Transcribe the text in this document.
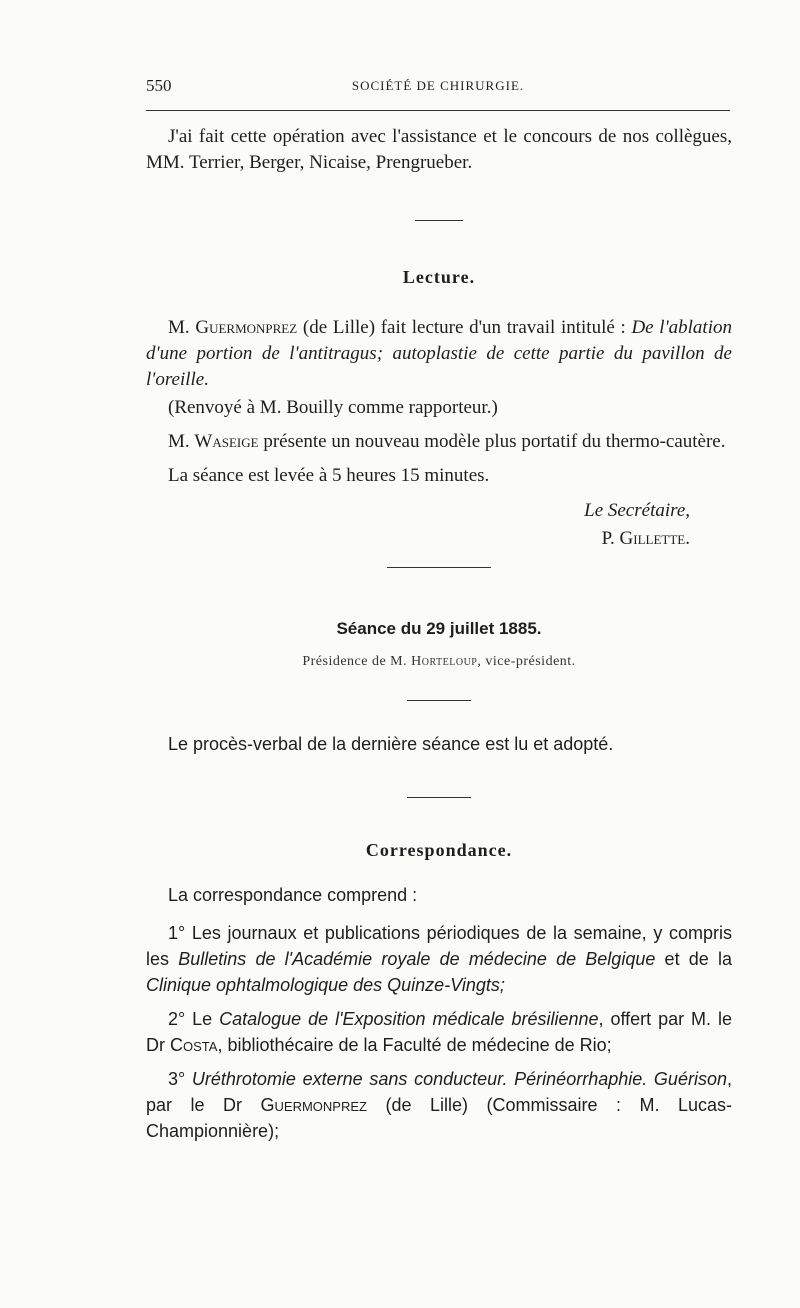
550	SOCIÉTÉ DE CHIRURGIE.

J'ai fait cette opération avec l'assistance et le concours de nos collègues, MM. Terrier, Berger, Nicaise, Prengrueber.

Lecture.

M. Guermonprez (de Lille) fait lecture d'un travail intitulé : De l'ablation d'une portion de l'antitragus; autoplastie de cette partie du pavillon de l'oreille.

(Renvoyé à M. Bouilly comme rapporteur.)

M. Waseige présente un nouveau modèle plus portatif du thermo-cautère.

La séance est levée à 5 heures 15 minutes.

Le Secrétaire,
P. Gillette.
Séance du 29 juillet 1885.
Présidence de M. Horteloup, vice-président.

Le procès-verbal de la dernière séance est lu et adopté.

Correspondance.

La correspondance comprend :

1° Les journaux et publications périodiques de la semaine, y compris les Bulletins de l'Académie royale de médecine de Belgique et de la Clinique ophtalmologique des Quinze-Vingts;

2° Le Catalogue de l'Exposition médicale brésilienne, offert par M. le Dr Costa, bibliothécaire de la Faculté de médecine de Rio;

3° Uréthrotomie externe sans conducteur. Périnéorrhaphie. Guérison, par le Dr Guermonprez (de Lille) (Commissaire : M. Lucas-Championnière);
